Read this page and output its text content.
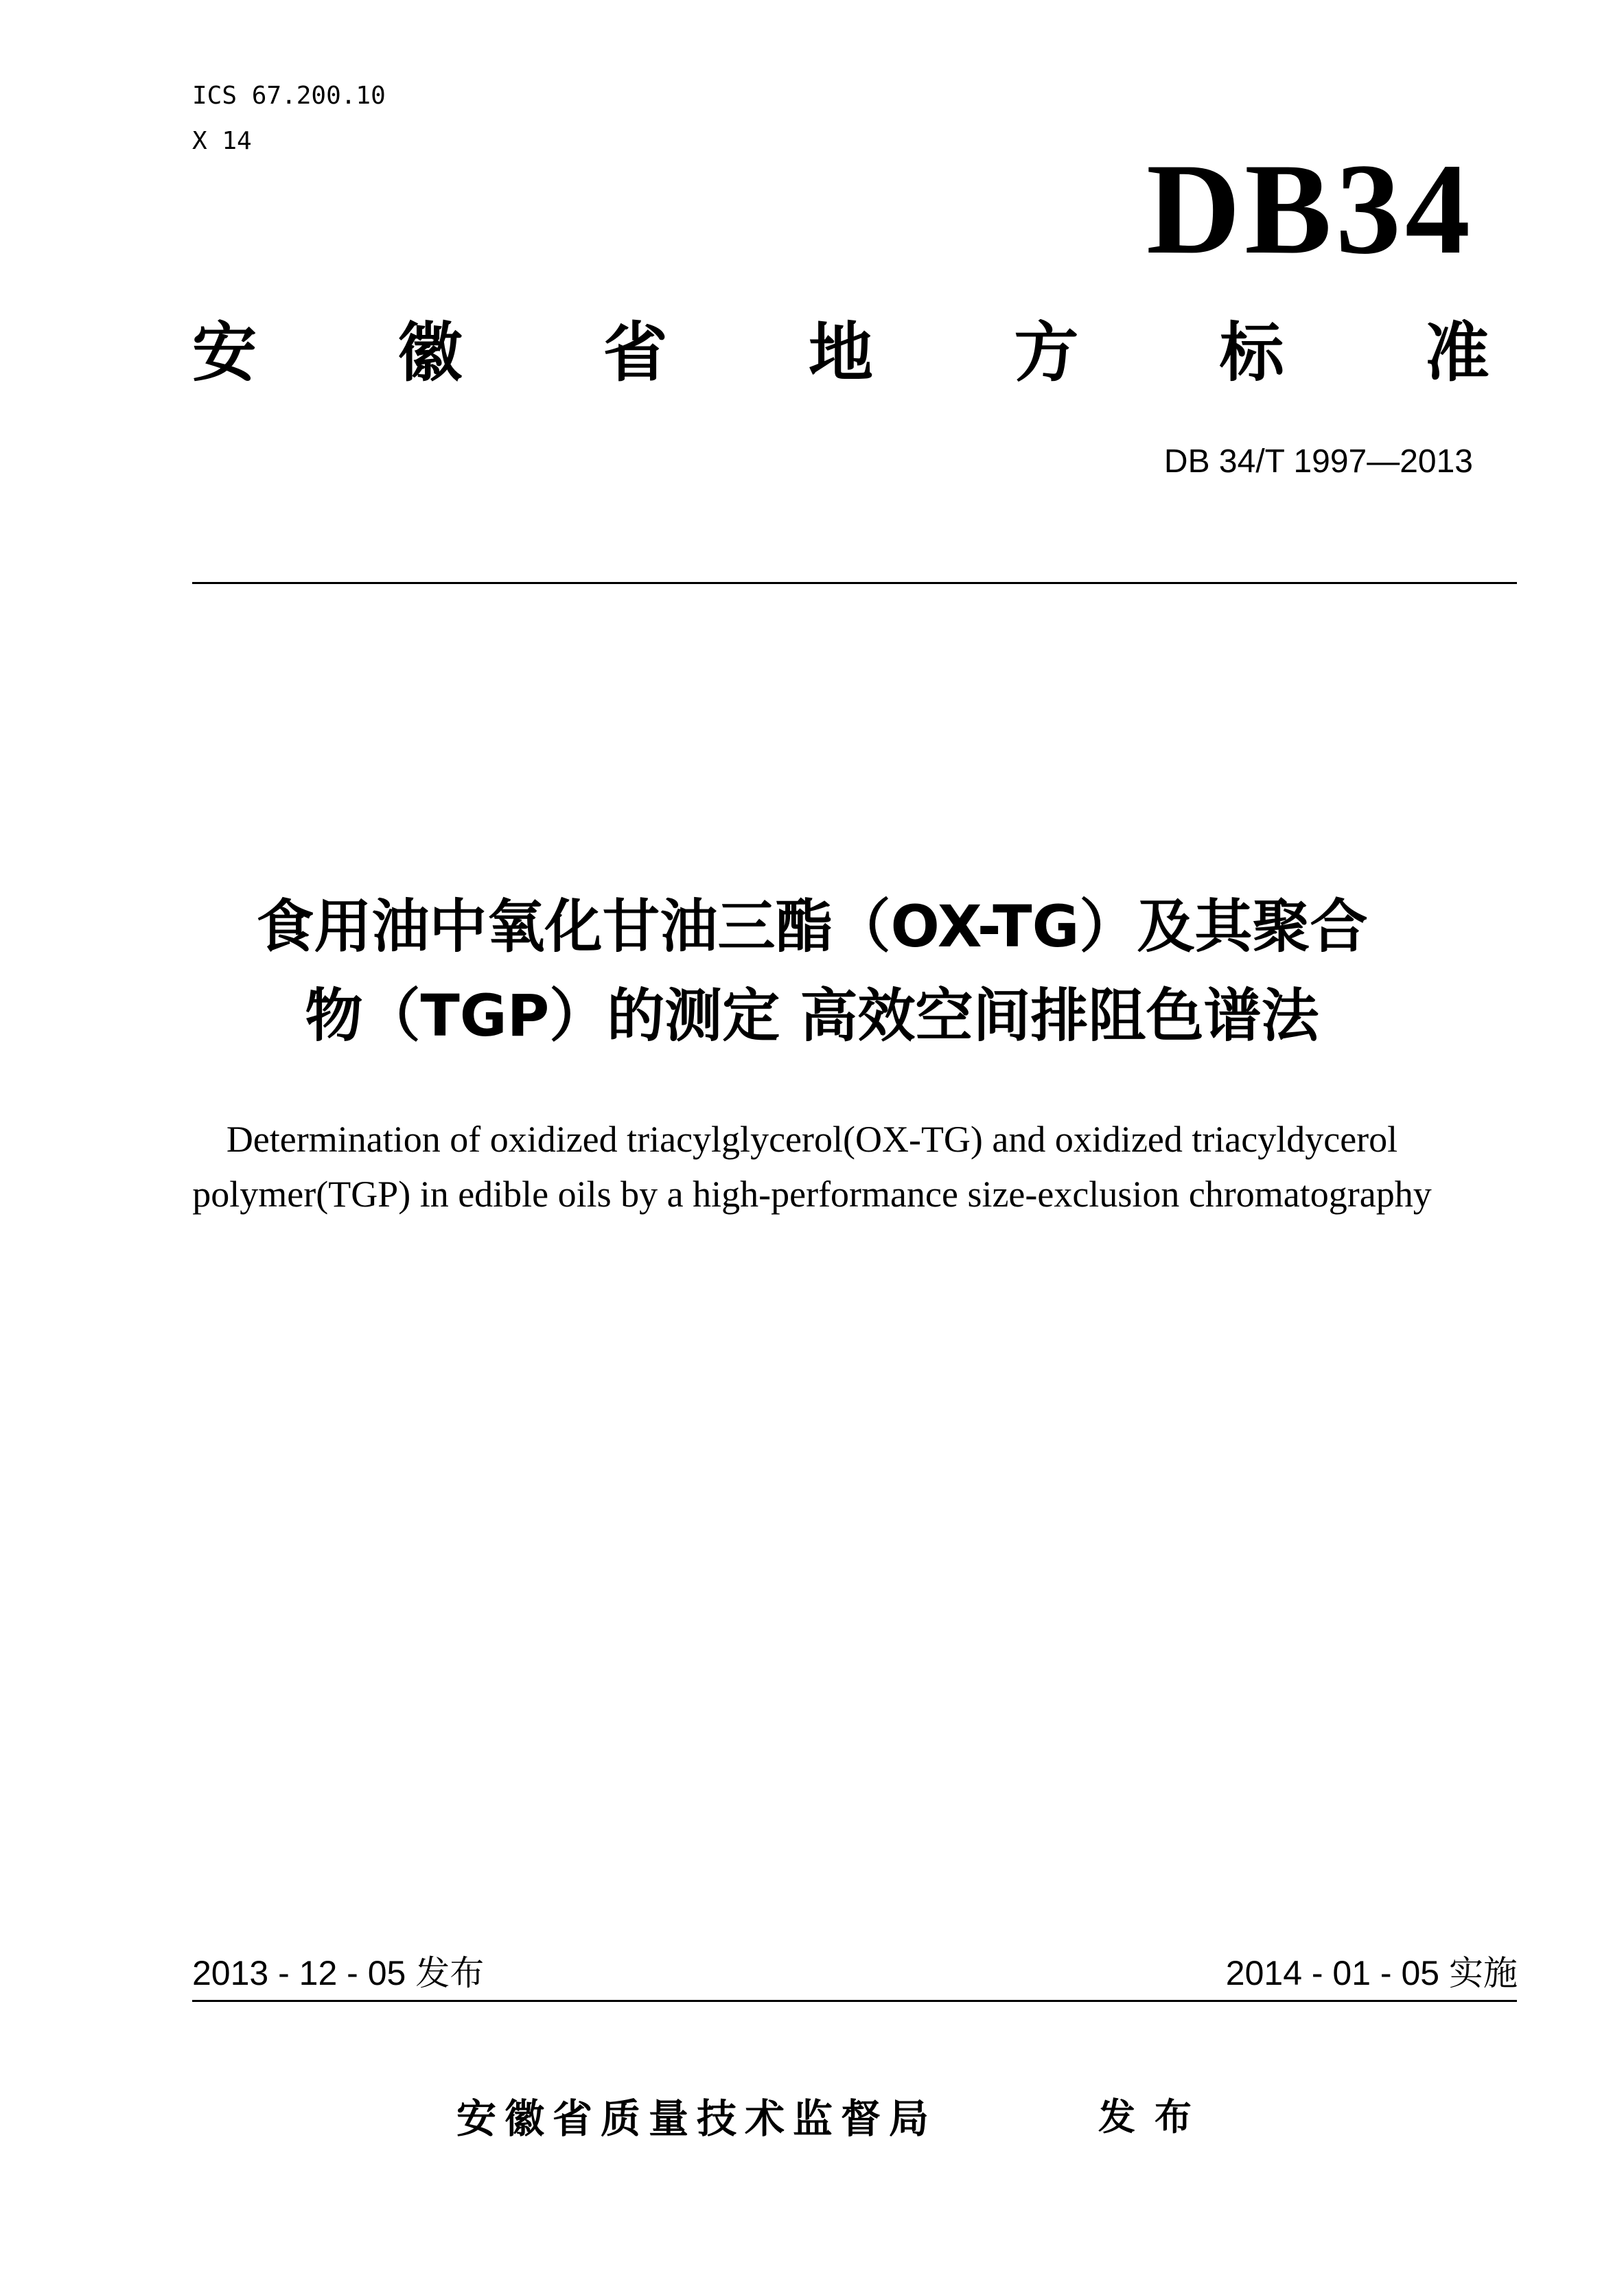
ICS 67.200.10
X 14	DB34
安 徽 省 地 方 标 准
DB 34/T 1997—2013
食用油中氧化甘油三酯（OX-TG）及其聚合
物（TGP）的测定 高效空间排阻色谱法
Determination of oxidized triacylglycerol(OX-TG) and oxidized triacyldycerol
polymer(TGP) in edible oils by a high-performance size-exclusion chromatography
2013 - 12 - 05 发布	2014 - 01 - 05 实施
安徽省质量技术监督局	发布
